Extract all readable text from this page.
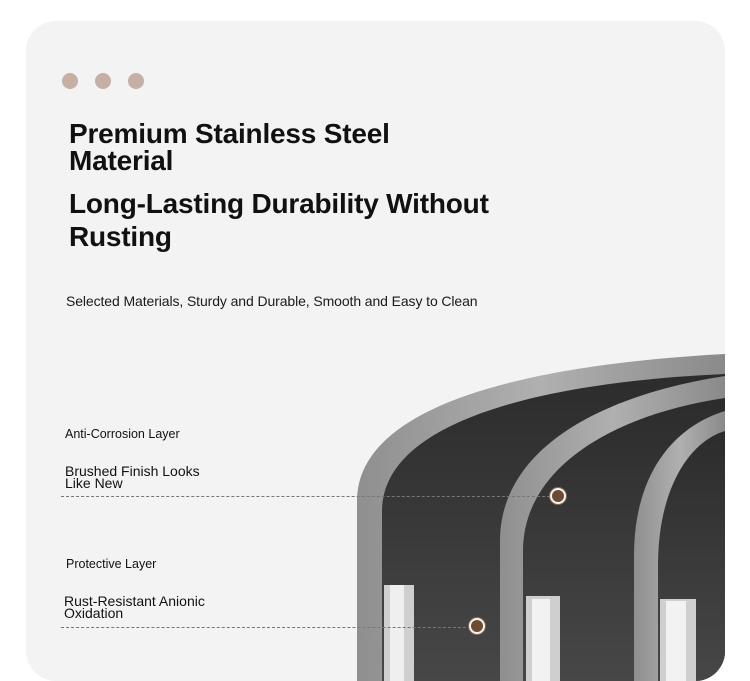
Premium Stainless Steel Material
Long-Lasting Durability Without Rusting
Selected Materials, Sturdy and Durable, Smooth and Easy to Clean
Anti-Corrosion Layer
Brushed Finish Looks Like New
Protective Layer
Rust-Resistant Anionic Oxidation
